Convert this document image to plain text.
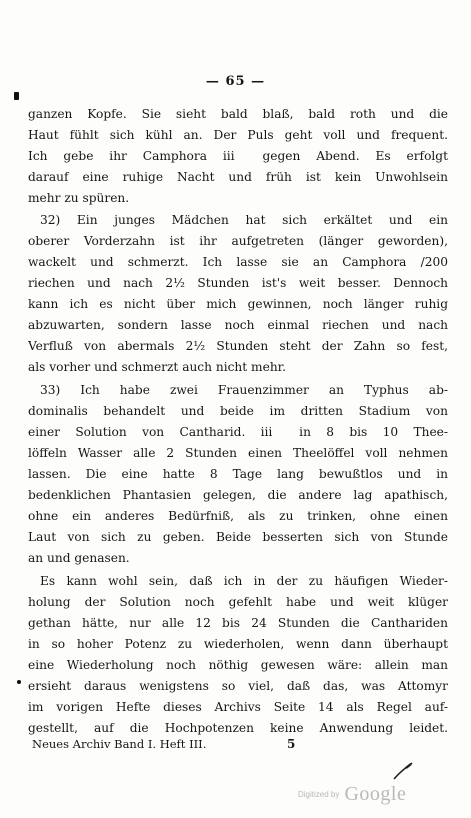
— 65 —
ganzen Kopfe. Sie sieht bald blaß, bald roth und die
Haut fühlt sich kühl an. Der Puls geht voll und frequent.
Ich gebe ihr Camphora ⅲ gegen Abend. Es erfolgt
darauf eine ruhige Nacht und früh ist kein Unwohlsein
mehr zu spüren.
32) Ein junges Mädchen hat sich erkältet und ein
oberer Vorderzahn ist ihr aufgetreten (länger geworden),
wackelt und schmerzt. Ich lasse sie an Camphora /200
riechen und nach 2½ Stunden ist's weit besser. Dennoch
kann ich es nicht über mich gewinnen, noch länger ruhig
abzuwarten, sondern lasse noch einmal riechen und nach
Verfluß von abermals 2½ Stunden steht der Zahn so fest,
als vorher und schmerzt auch nicht mehr.
33) Ich habe zwei Frauenzimmer an Typhus ab-
dominalis behandelt und beide im dritten Stadium von
einer Solution von Cantharid. ⅲ in 8 bis 10 Thee-
löffeln Wasser alle 2 Stunden einen Theelöffel voll nehmen
lassen. Die eine hatte 8 Tage lang bewußtlos und in
bedenklichen Phantasien gelegen, die andere lag apathisch,
ohne ein anderes Bedürfniß, als zu trinken, ohne einen
Laut von sich zu geben. Beide besserten sich von Stunde
an und genasen.
Es kann wohl sein, daß ich in der zu häufigen Wieder-
holung der Solution noch gefehlt habe und weit klüger
gethan hätte, nur alle 12 bis 24 Stunden die Canthariden
in so hoher Potenz zu wiederholen, wenn dann überhaupt
eine Wiederholung noch nöthig gewesen wäre: allein man
ersieht daraus wenigstens so viel, daß das, was Attomyr
im vorigen Hefte dieses Archivs Seite 14 als Regel auf-
gestellt, auf die Hochpotenzen keine Anwendung leidet.
Neues Archiv Band I. Heft III.	5
Digitized by Google
